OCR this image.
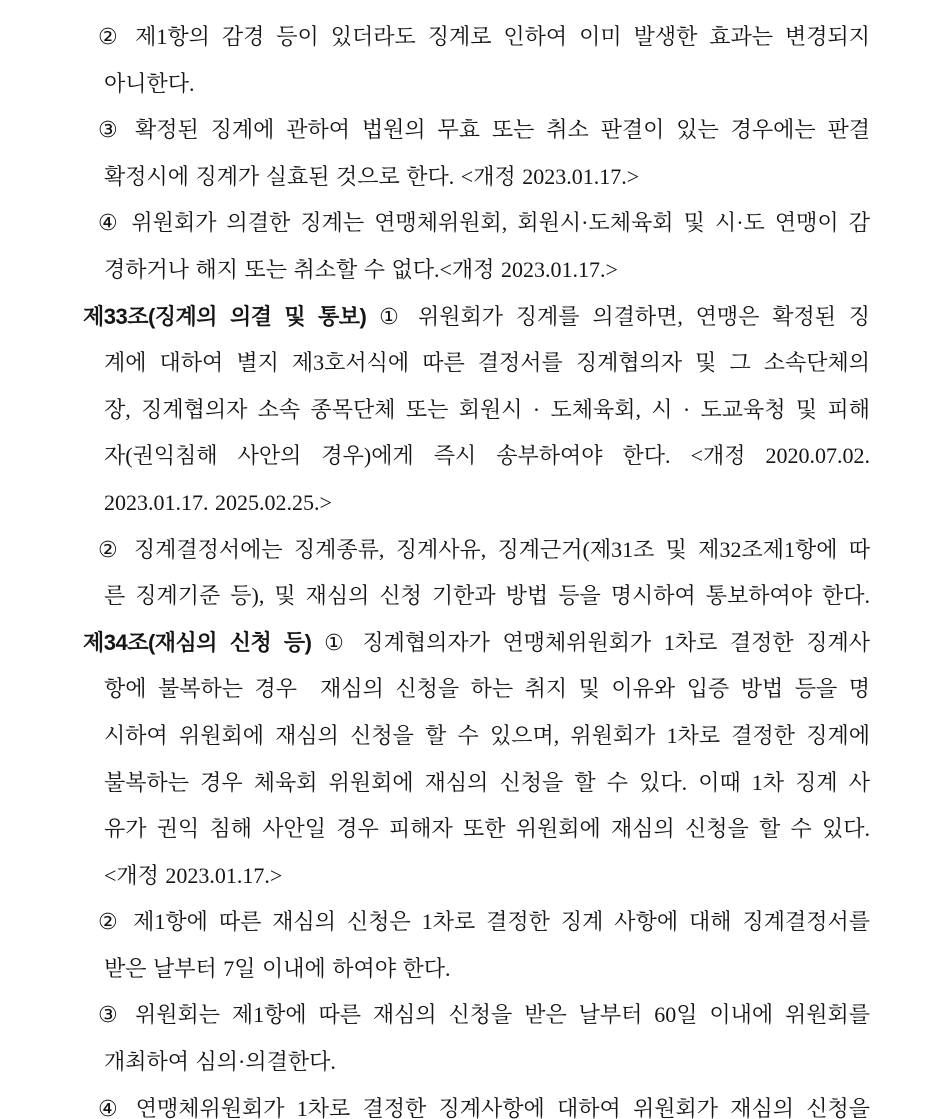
② 제1항의 감경 등이 있더라도 징계로 인하여 이미 발생한 효과는 변경되지
아니한다.
③ 확정된 징계에 관하여 법원의 무효 또는 취소 판결이 있는 경우에는 판결
확정시에 징계가 실효된 것으로 한다. <개정 2023.01.17.>
④ 위원회가 의결한 징계는 연맹체위원회, 회원시·도체육회 및 시·도 연맹이 감
경하거나 해지 또는 취소할 수 없다.<개정 2023.01.17.>
제33조(징계의 의결 및 통보) ① 위원회가 징계를 의결하면, 연맹은 확정된 징
계에 대하여 별지 제3호서식에 따른 결정서를 징계협의자 및 그 소속단체의
장, 징계협의자 소속 종목단체 또는 회원시 · 도체육회, 시 · 도교육청 및 피해
자(권익침해 사안의 경우)에게 즉시 송부하여야 한다. <개정 2020.07.02.
2023.01.17. 2025.02.25.>
② 징계결정서에는 징계종류, 징계사유, 징계근거(제31조 및 제32조제1항에 따
른 징계기준 등), 및 재심의 신청 기한과 방법 등을 명시하여 통보하여야 한다.
제34조(재심의 신청 등) ① 징계협의자가 연맹체위원회가 1차로 결정한 징계사
항에 불복하는 경우  재심의 신청을 하는 취지 및 이유와 입증 방법 등을 명
시하여 위원회에 재심의 신청을 할 수 있으며, 위원회가 1차로 결정한 징계에
불복하는 경우 체육회 위원회에 재심의 신청을 할 수 있다. 이때 1차 징계 사
유가 권익 침해 사안일 경우 피해자 또한 위원회에 재심의 신청을 할 수 있다.
<개정 2023.01.17.>
② 제1항에 따른 재심의 신청은 1차로 결정한 징계 사항에 대해 징계결정서를
받은 날부터 7일 이내에 하여야 한다.
③ 위원회는 제1항에 따른 재심의 신청을 받은 날부터 60일 이내에 위원회를
개최하여 심의·의결한다.
④ 연맹체위원회가 1차로 결정한 징계사항에 대하여 위원회가 재심의 신청을
